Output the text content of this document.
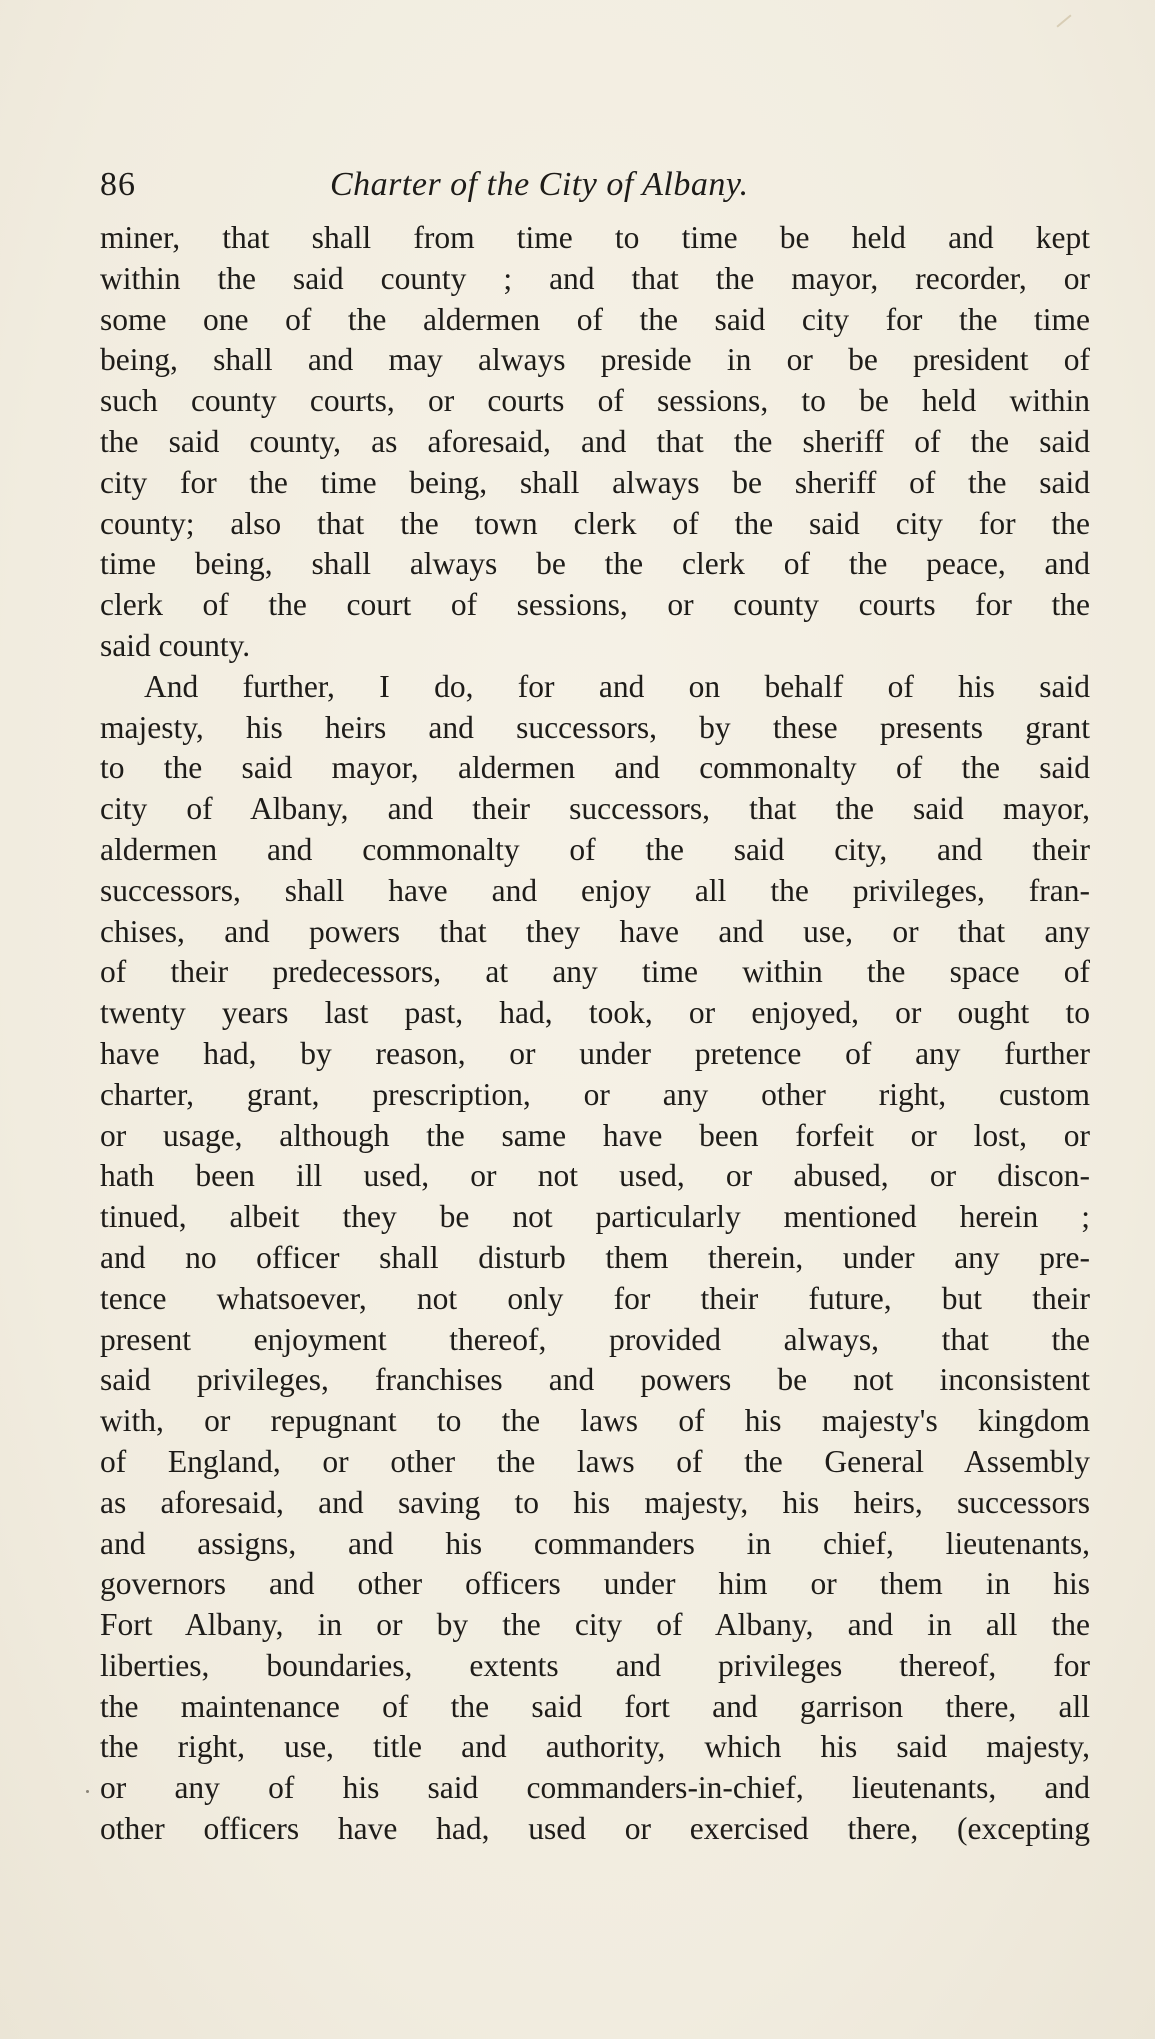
86	Charter of the City of Albany.

miner, that shall from time to time be held and kept

within the said county ; and that the mayor, recorder, or

some one of the aldermen of the said city for the time

being, shall and may always preside in or be president of

such county courts, or courts of sessions, to be held within

the said county, as aforesaid, and that the sheriff of the said

city for the time being, shall always be sheriff of the said

county; also that the town clerk of the said city for the

time being, shall always be the clerk of the peace, and

clerk of the court of sessions, or county courts for the

said county.

And further, I do, for and on behalf of his said

majesty, his heirs and successors, by these presents grant

to the said mayor, aldermen and commonalty of the said

city of Albany, and their successors, that the said mayor,

aldermen and commonalty of the said city, and their

successors, shall have and enjoy all the privileges, fran-

chises, and powers that they have and use, or that any

of their predecessors, at any time within the space of

twenty years last past, had, took, or enjoyed, or ought to

have had, by reason, or under pretence of any further

charter, grant, prescription, or any other right, custom

or usage, although the same have been forfeit or lost, or

hath been ill used, or not used, or abused, or discon-

tinued, albeit they be not particularly mentioned herein ;

and no officer shall disturb them therein, under any pre-

tence whatsoever, not only for their future, but their

present enjoyment thereof, provided always, that the

said privileges, franchises and powers be not inconsistent

with, or repugnant to the laws of his majesty's kingdom

of England, or other the laws of the General Assembly

as aforesaid, and saving to his majesty, his heirs, successors

and assigns, and his commanders in chief, lieutenants,

governors and other officers under him or them in his

Fort Albany, in or by the city of Albany, and in all the

liberties, boundaries, extents and privileges thereof, for

the maintenance of the said fort and garrison there, all

the right, use, title and authority, which his said majesty,

or any of his said commanders-in-chief, lieutenants, and

other officers have had, used or exercised there, (excepting
